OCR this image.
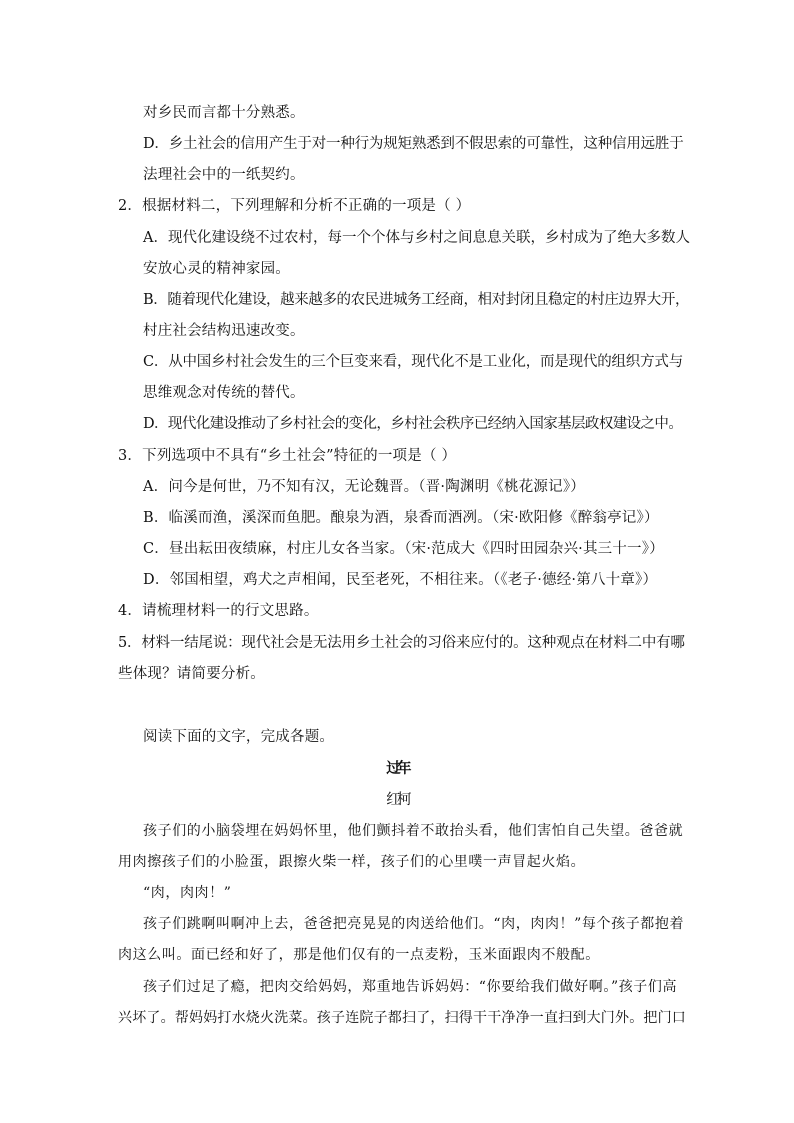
对乡民而言都十分熟悉。
D．乡土社会的信用产生于对一种行为规矩熟悉到不假思索的可靠性，这种信用远胜于
法理社会中的一纸契约。
2．根据材料二，下列理解和分析不正确的一项是（ ）
A．现代化建设绕不过农村，每一个个体与乡村之间息息关联，乡村成为了绝大多数人
安放心灵的精神家园。
B．随着现代化建设，越来越多的农民进城务工经商，相对封闭且稳定的村庄边界大开，
村庄社会结构迅速改变。
C．从中国乡村社会发生的三个巨变来看，现代化不是工业化，而是现代的组织方式与
思维观念对传统的替代。
D．现代化建设推动了乡村社会的变化，乡村社会秩序已经纳入国家基层政权建设之中。
3．下列选项中不具有“乡土社会”特征的一项是（ ）
A．问今是何世，乃不知有汉，无论魏晋。（晋·陶渊明《桃花源记》）
B．临溪而渔，溪深而鱼肥。酿泉为酒，泉香而酒冽。（宋·欧阳修《醉翁亭记》）
C．昼出耘田夜绩麻，村庄儿女各当家。（宋·范成大《四时田园杂兴·其三十一》）
D．邻国相望，鸡犬之声相闻，民至老死，不相往来。（《老子·德经·第八十章》）
4．请梳理材料一的行文思路。
5．材料一结尾说：现代社会是无法用乡土社会的习俗来应付的。这种观点在材料二中有哪
些体现？请简要分析。
阅读下面的文字，完成各题。
过年
红柯
孩子们的小脑袋埋在妈妈怀里，他们颤抖着不敢抬头看，他们害怕自己失望。爸爸就
用肉擦孩子们的小脸蛋，跟擦火柴一样，孩子们的心里噗一声冒起火焰。
“肉，肉肉！”
孩子们跳啊叫啊冲上去，爸爸把亮晃晃的肉送给他们。“肉，肉肉！”每个孩子都抱着
肉这么叫。面已经和好了，那是他们仅有的一点麦粉，玉米面跟肉不般配。
孩子们过足了瘾，把肉交给妈妈，郑重地告诉妈妈：“你要给我们做好啊。”孩子们高
兴坏了。帮妈妈打水烧火洗菜。孩子连院子都扫了，扫得干干净净一直扫到大门外。把门口
